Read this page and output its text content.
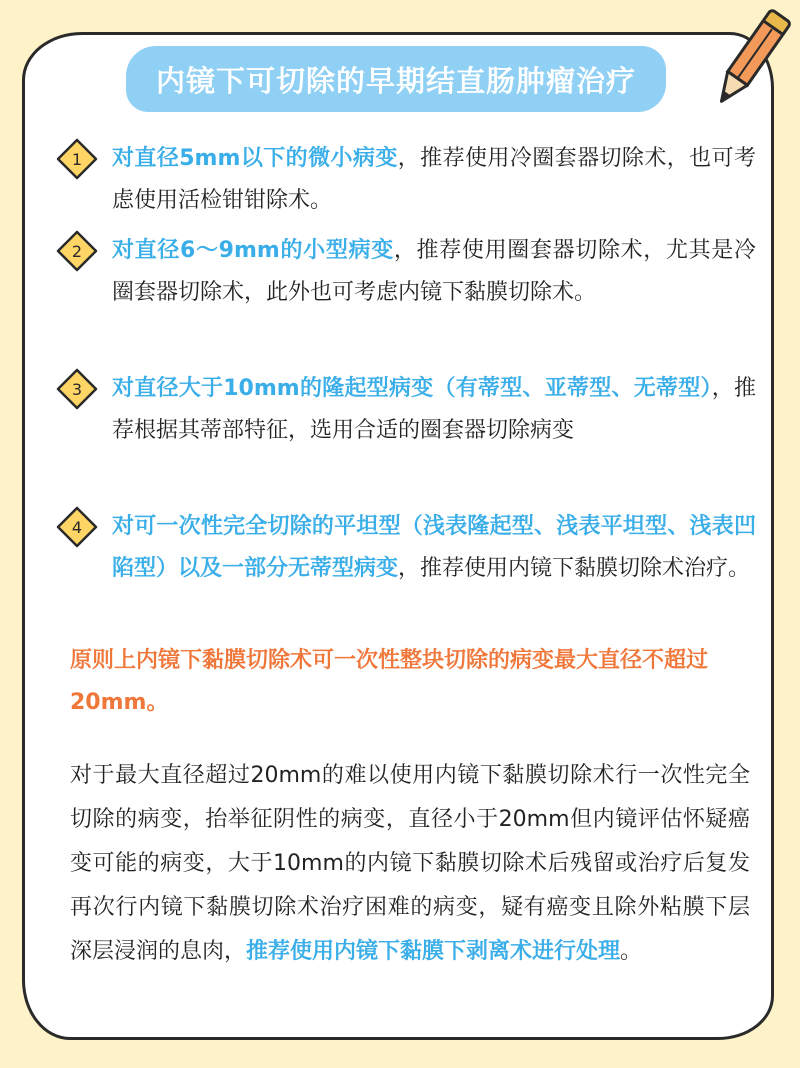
内镜下可切除的早期结直肠肿瘤治疗
1 对直径5mm以下的微小病变，推荐使用冷圈套器切除术，也可考虑使用活检钳钳除术。
2 对直径6～9mm的小型病变，推荐使用圈套器切除术，尤其是冷圈套器切除术，此外也可考虑内镜下黏膜切除术。
3 对直径大于10mm的隆起型病变（有蒂型、亚蒂型、无蒂型），推荐根据其蒂部特征，选用合适的圈套器切除病变
4 对可一次性完全切除的平坦型（浅表隆起型、浅表平坦型、浅表凹陷型）以及一部分无蒂型病变，推荐使用内镜下黏膜切除术治疗。
原则上内镜下黏膜切除术可一次性整块切除的病变最大直径不超过20mm。
对于最大直径超过20mm的难以使用内镜下黏膜切除术行一次性完全切除的病变，抬举征阴性的病变，直径小于20mm但内镜评估怀疑癌变可能的病变，大于10mm的内镜下黏膜切除术后残留或治疗后复发再次行内镜下黏膜切除术治疗困难的病变，疑有癌变且除外粘膜下层深层浸润的息肉，推荐使用内镜下黏膜下剥离术进行处理。
